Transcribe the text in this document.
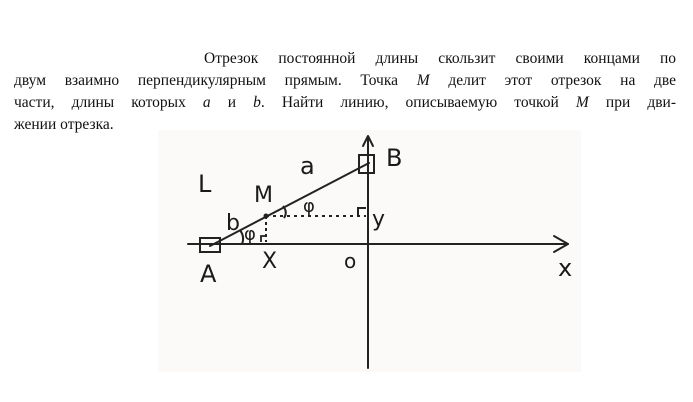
Отрезок постоянной длины скользит своими концами по
двум взаимно перпендикулярным прямым. Точка M делит этот отрезок на две
части, длины которых a и b. Найти линию, описываемую точкой M при дви-
жении отрезка.
L
a	B
M φ
b	y
φ
A X	o	x
